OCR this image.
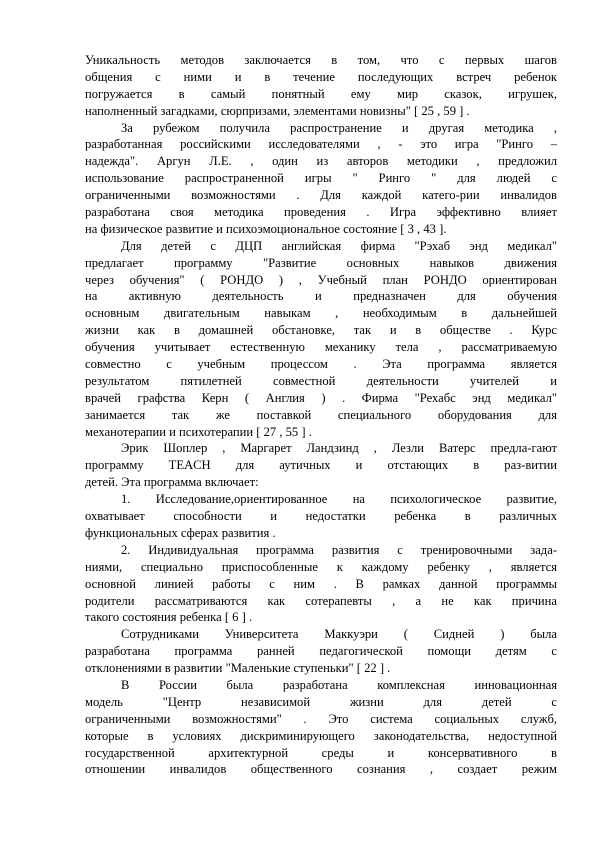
Уникальность методов заключается в том, что с первых шагов
общения с ними и в течение последующих встреч ребенок
погружается в самый понятный ему мир сказок, игрушек,
наполненный загадками, сюрпризами, элементами новизны" [ 25 , 59 ] .
За рубежом получила распространение и другая методика ,
разработанная российскими исследователями , - это игра "Ринго –
надежда". Аргун Л.Е. , один из авторов методики , предложил
использование распространенной игры " Ринго " для людей с
ограниченными возможностями . Для каждой катего-рии инвалидов
разработана своя методика проведения . Игра эффективно влияет
на физическое развитие и психоэмоциональное состояние [ 3 , 43 ].
Для детей с ДЦП английская фирма "Рэхаб энд медикал"
предлагает программу "Развитие основных навыков движения
через обучения" ( РОНДО ) , Учебный план РОНДО ориентирован
на активную деятельность и предназначен для обучения
основным двигательным навыкам , необходимым в дальнейшей
жизни как в домашней обстановке, так и в обществе . Курс
обучения учитывает естественную механику тела , рассматриваемую
совместно с учебным процессом . Эта программа является
результатом пятилетней совместной деятельности учителей и
врачей графства Керн ( Англия ) . Фирма "Рехабс энд медикал"
занимается так же поставкой специального оборудования для
механотерапии и психотерапии [ 27 , 55 ] .
Эрик Шоплер , Маргарет Ландзинд , Лезли Ватерс предла-гают
программу TEACH для аутичных и отстающих в раз-витии
детей. Эта программа включает:
1. Исследование,ориентированное на психологическое развитие,
охватывает способности и недостатки ребенка в различных
функциональных сферах развития .
2. Индивидуальная программа развития с тренировочными зада-
ниями, специально приспособленные к каждому ребенку , является
основной линией работы с ним . В рамках данной программы
родители рассматриваются как сотерапевты , а не как причина
такого состояния ребенка [ 6 ] .
Сотрудниками Университета Маккуэри ( Сидней ) была
разработана программа ранней педагогической помощи детям с
отклонениями в развитии "Маленькие ступеньки" [ 22 ] .
В России была разработана комплексная инновационная
модель "Центр независимой жизни для детей с
ограниченными возможностями" . Это система социальных служб,
которые в условиях дискриминирующего законодательства, недоступной
государственной архитектурной среды и консервативного в
отношении инвалидов общественного сознания , создает режим
